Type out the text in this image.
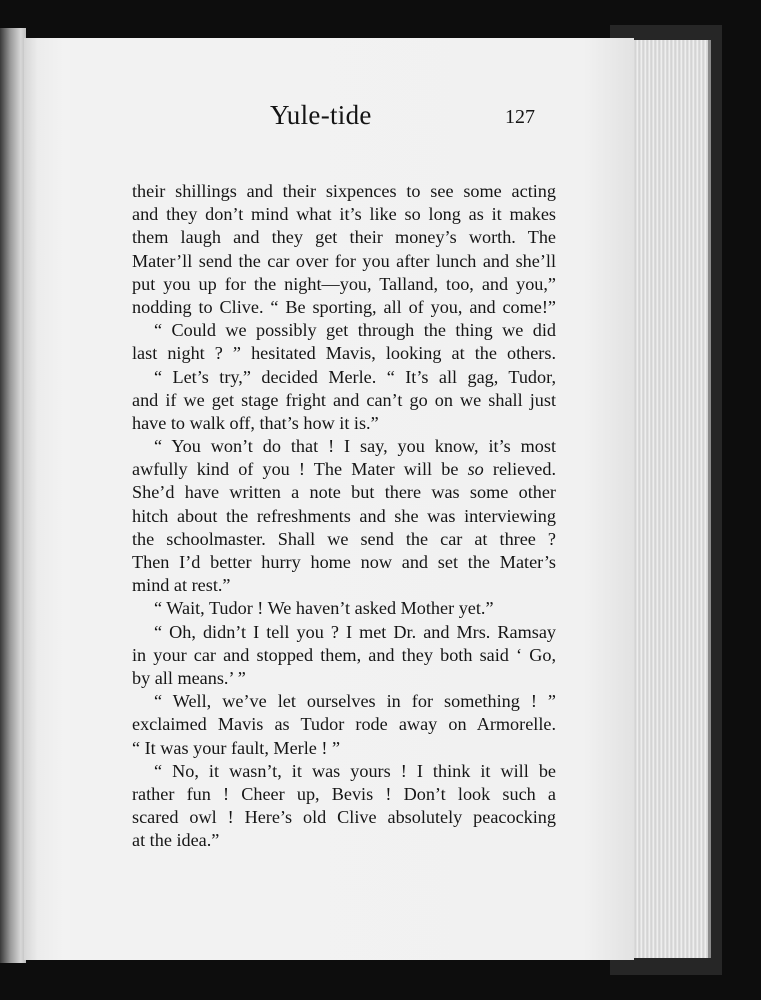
Yule-tide	127
their shillings and their sixpences to see some acting
and they don’t mind what it’s like so long as it makes
them laugh and they get their money’s worth. The
Mater’ll send the car over for you after lunch and she’ll
put you up for the night—you, Talland, too, and you,”
nodding to Clive. “ Be sporting, all of you, and come!”
“ Could we possibly get through the thing we did
last night ? ” hesitated Mavis, looking at the others.
“ Let’s try,” decided Merle. “ It’s all gag, Tudor,
and if we get stage fright and can’t go on we shall just
have to walk off, that’s how it is.”
“ You won’t do that ! I say, you know, it’s most
awfully kind of you ! The Mater will be so relieved.
She’d have written a note but there was some other
hitch about the refreshments and she was interviewing
the schoolmaster. Shall we send the car at three ?
Then I’d better hurry home now and set the Mater’s
mind at rest.”
“ Wait, Tudor ! We haven’t asked Mother yet.”
“ Oh, didn’t I tell you ? I met Dr. and Mrs. Ramsay
in your car and stopped them, and they both said ‘ Go,
by all means.’ ”
“ Well, we’ve let ourselves in for something ! ”
exclaimed Mavis as Tudor rode away on Armorelle.
“ It was your fault, Merle ! ”
“ No, it wasn’t, it was yours ! I think it will be
rather fun ! Cheer up, Bevis ! Don’t look such a
scared owl ! Here’s old Clive absolutely peacocking
at the idea.”
